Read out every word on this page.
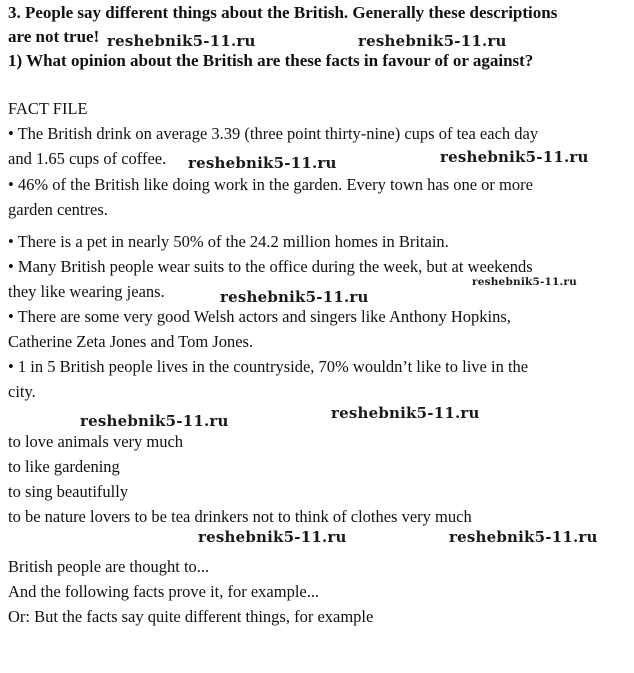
3. People say different things about the British. Generally these descriptions
are not true!
1) What opinion about the British are these facts in favour of or against?
FACT FILE
• The British drink on average 3.39 (three point thirty-nine) cups of tea each day
and 1.65 cups of coffee.
• 46% of the British like doing work in the garden. Every town has one or more
garden centres.
• There is a pet in nearly 50% of the 24.2 million homes in Britain.
• Many British people wear suits to the office during the week, but at weekends
they like wearing jeans.
• There are some very good Welsh actors and singers like Anthony Hopkins,
Catherine Zeta Jones and Tom Jones.
• 1 in 5 British people lives in the countryside, 70% wouldn’t like to live in the
city.
to love animals very much
to like gardening
to sing beautifully
to be nature lovers to be tea drinkers not to think of clothes very much
British people are thought to...
And the following facts prove it, for example...
Or: But the facts say quite different things, for example
reshebnik5-11.ru	reshebnik5-11.ru
reshebnik5-11.ru	reshebnik5-11.ru
reshebnik5-11.ru
reshebnik5-11.ru
reshebnik5-11.ru	reshebnik5-11.ru
reshebnik5-11.ru	reshebnik5-11.ru
